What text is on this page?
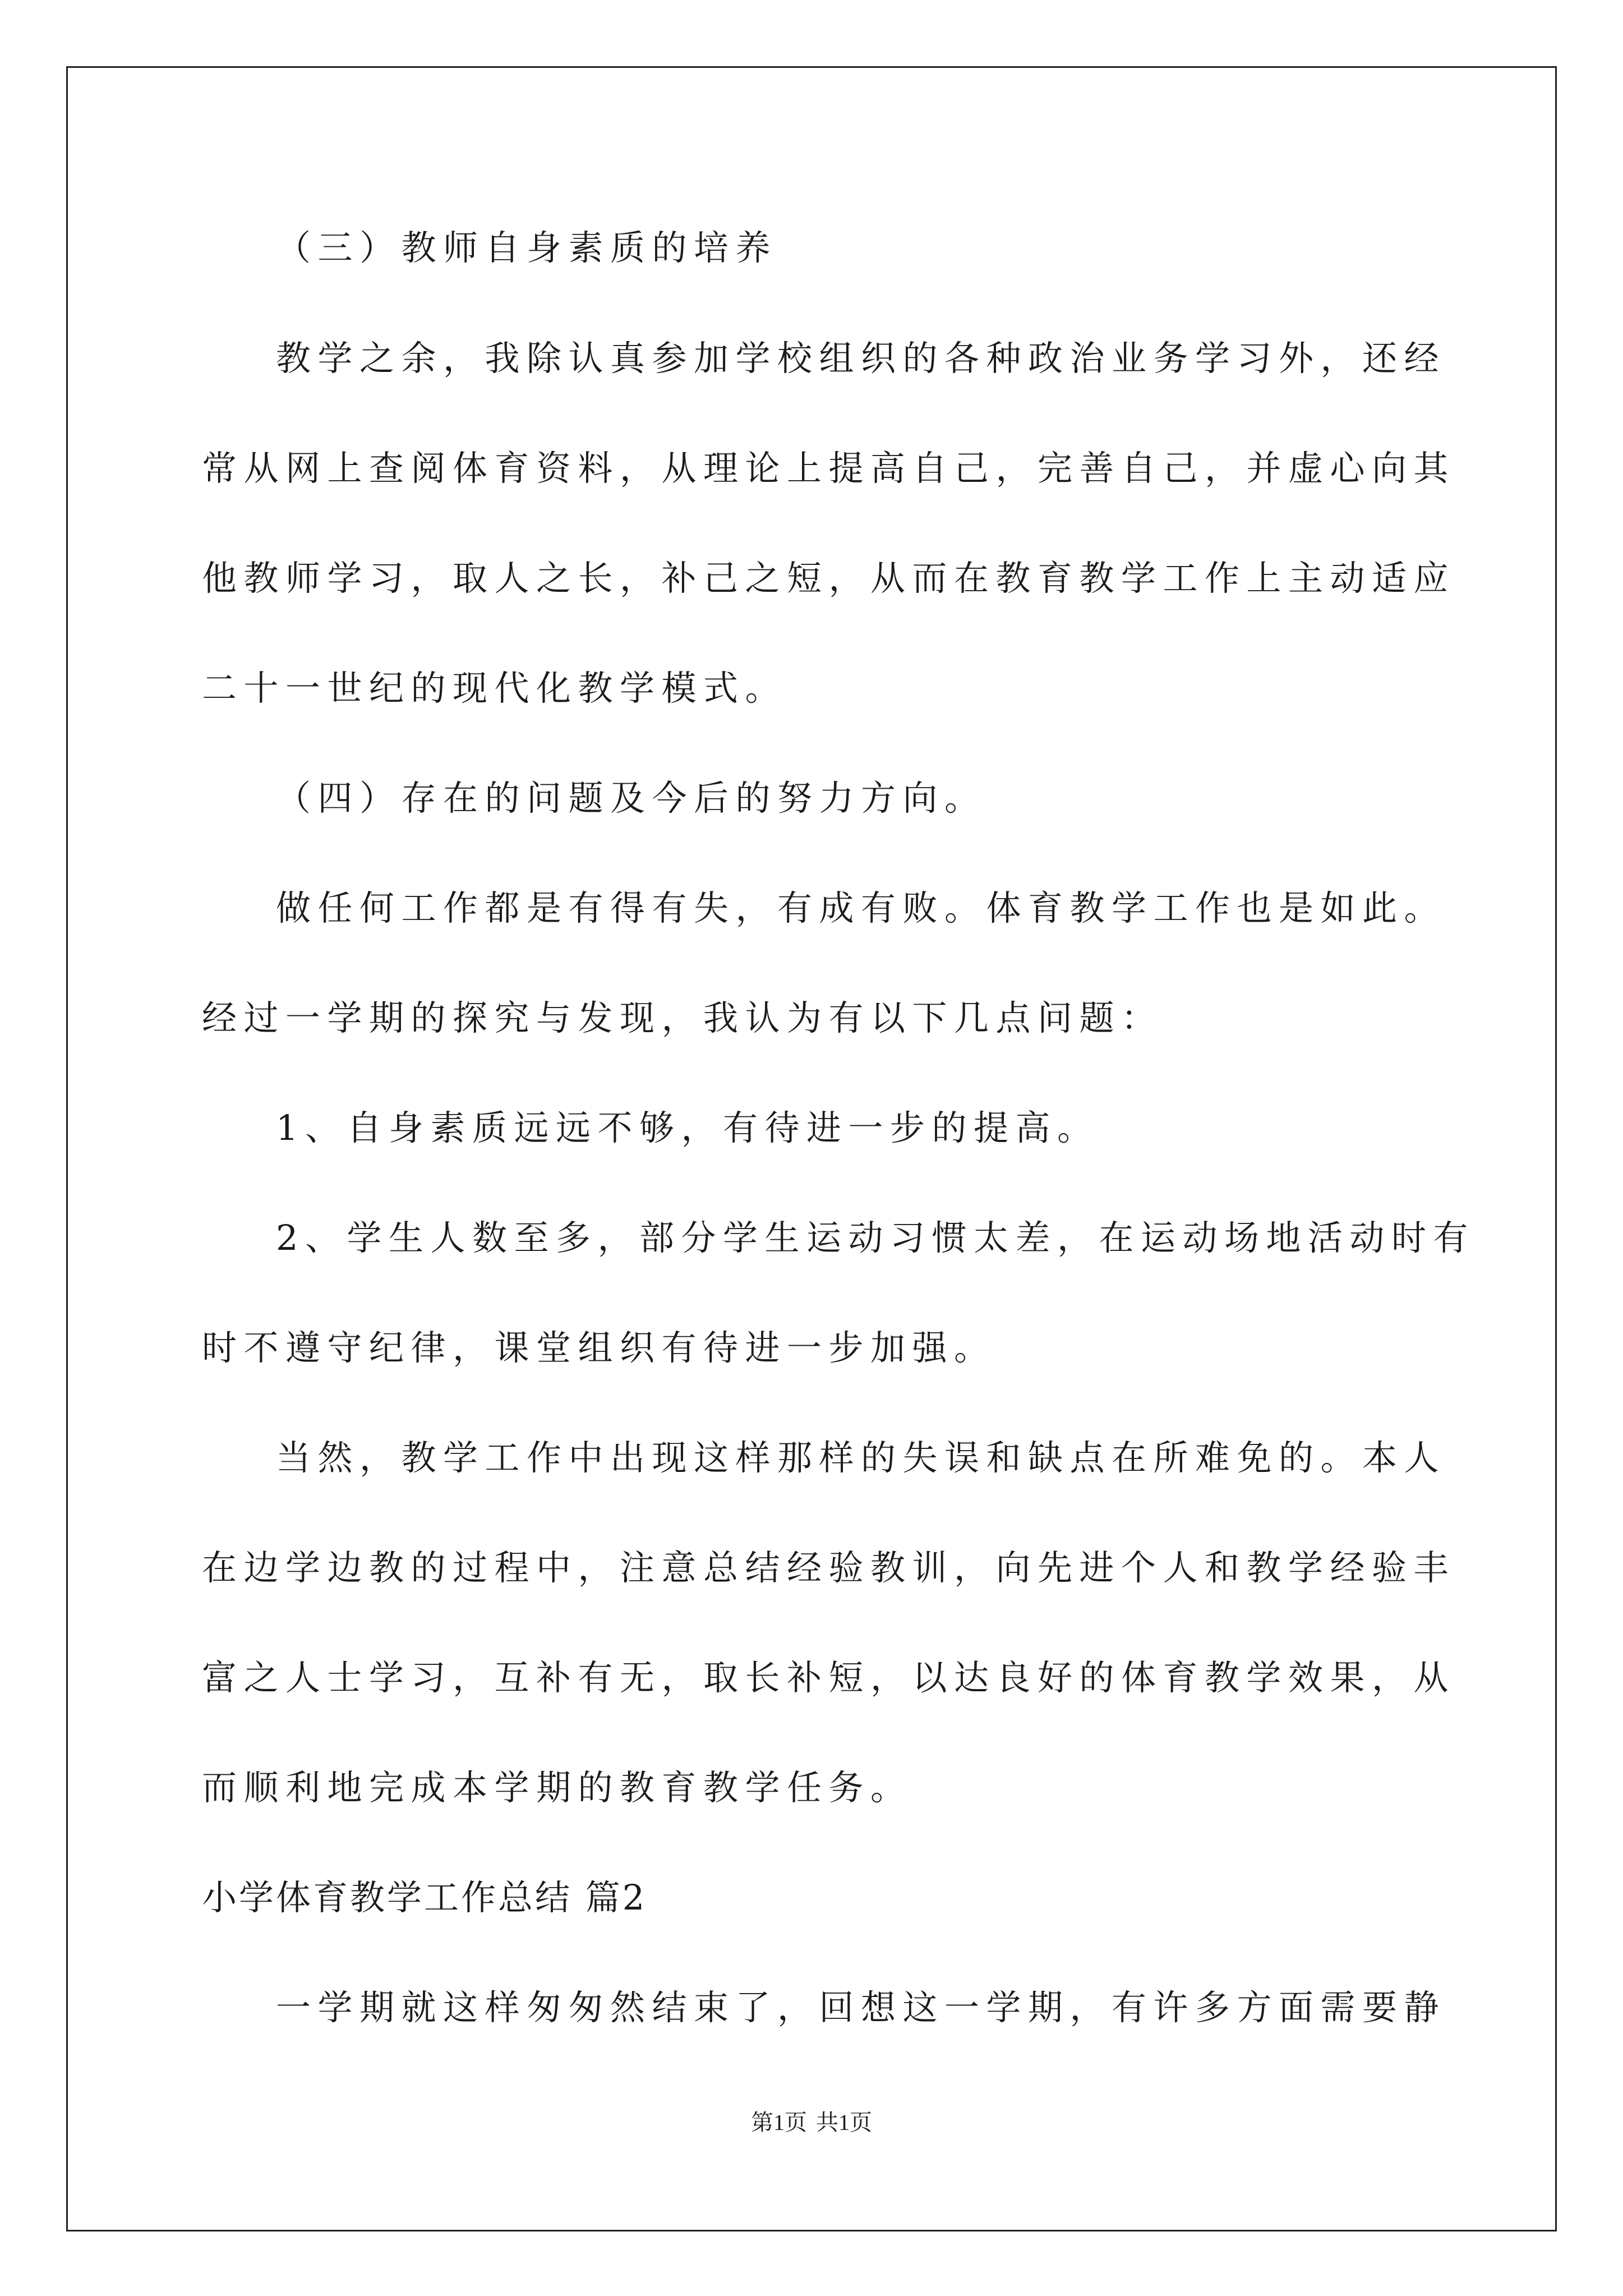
（三）教师自身素质的培养
教学之余，我除认真参加学校组织的各种政治业务学习外，还经
常从网上查阅体育资料，从理论上提高自己，完善自己，并虚心向其
他教师学习，取人之长，补己之短，从而在教育教学工作上主动适应
二十一世纪的现代化教学模式。
（四）存在的问题及今后的努力方向。
做任何工作都是有得有失，有成有败。体育教学工作也是如此。
经过一学期的探究与发现，我认为有以下几点问题：
1、自身素质远远不够，有待进一步的提高。
2、学生人数至多，部分学生运动习惯太差，在运动场地活动时有
时不遵守纪律，课堂组织有待进一步加强。
当然，教学工作中出现这样那样的失误和缺点在所难免的。本人
在边学边教的过程中，注意总结经验教训，向先进个人和教学经验丰
富之人士学习，互补有无，取长补短，以达良好的体育教学效果，从
而顺利地完成本学期的教育教学任务。
小学体育教学工作总结 篇2
一学期就这样匆匆然结束了，回想这一学期，有许多方面需要静
第1页 共1页
